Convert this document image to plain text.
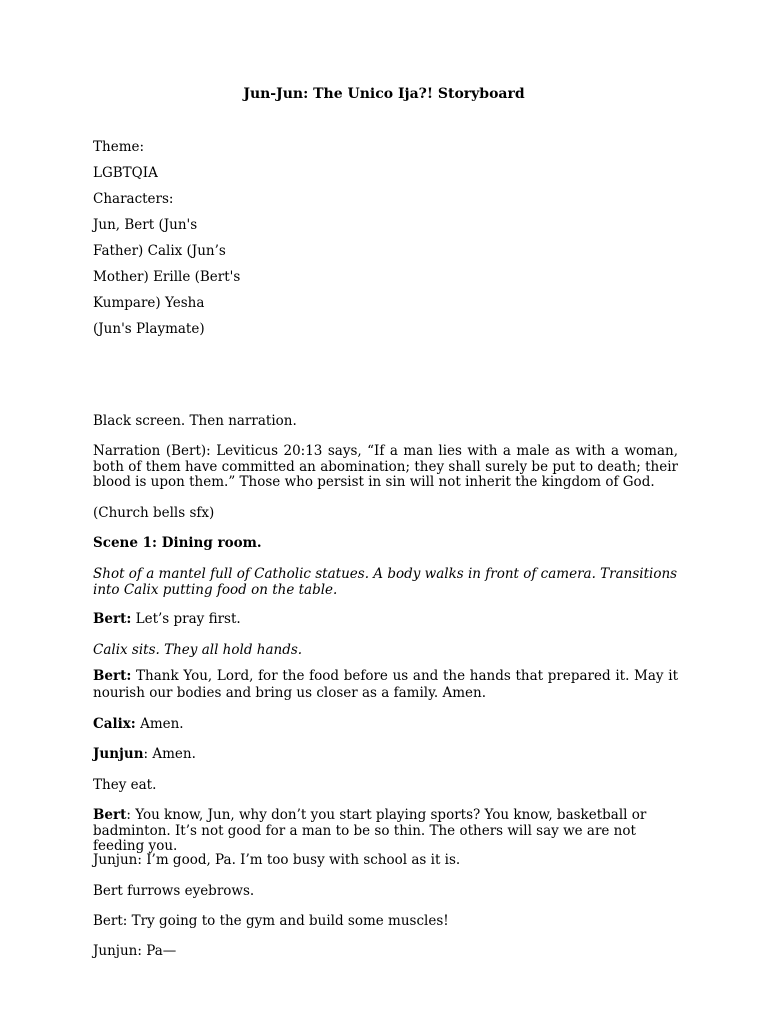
Jun-Jun: The Unico Ija?! Storyboard

Theme:

LGBTQIA

Characters:

Jun, Bert (Jun's

Father) Calix (Jun’s

Mother) Erille (Bert's

Kumpare) Yesha

(Jun's Playmate)

Black screen. Then narration.

Narration (Bert): Leviticus 20:13 says, “If a man lies with a male as with a woman, both of them have committed an abomination; they shall surely be put to death; their blood is upon them.” Those who persist in sin will not inherit the kingdom of God.

(Church bells sfx)

Scene 1: Dining room.

Shot of a mantel full of Catholic statues. A body walks in front of camera. Transitions into Calix putting food on the table.

Bert: Let’s pray first.

Calix sits. They all hold hands.

Bert: Thank You, Lord, for the food before us and the hands that prepared it. May it nourish our bodies and bring us closer as a family. Amen.

Calix: Amen.

Junjun: Amen.

They eat.

Bert: You know, Jun, why don’t you start playing sports? You know, basketball or badminton. It’s not good for a man to be so thin. The others will say we are not feeding you.

Junjun: I’m good, Pa. I’m too busy with school as it is.

Bert furrows eyebrows.

Bert: Try going to the gym and build some muscles!

Junjun: Pa—
